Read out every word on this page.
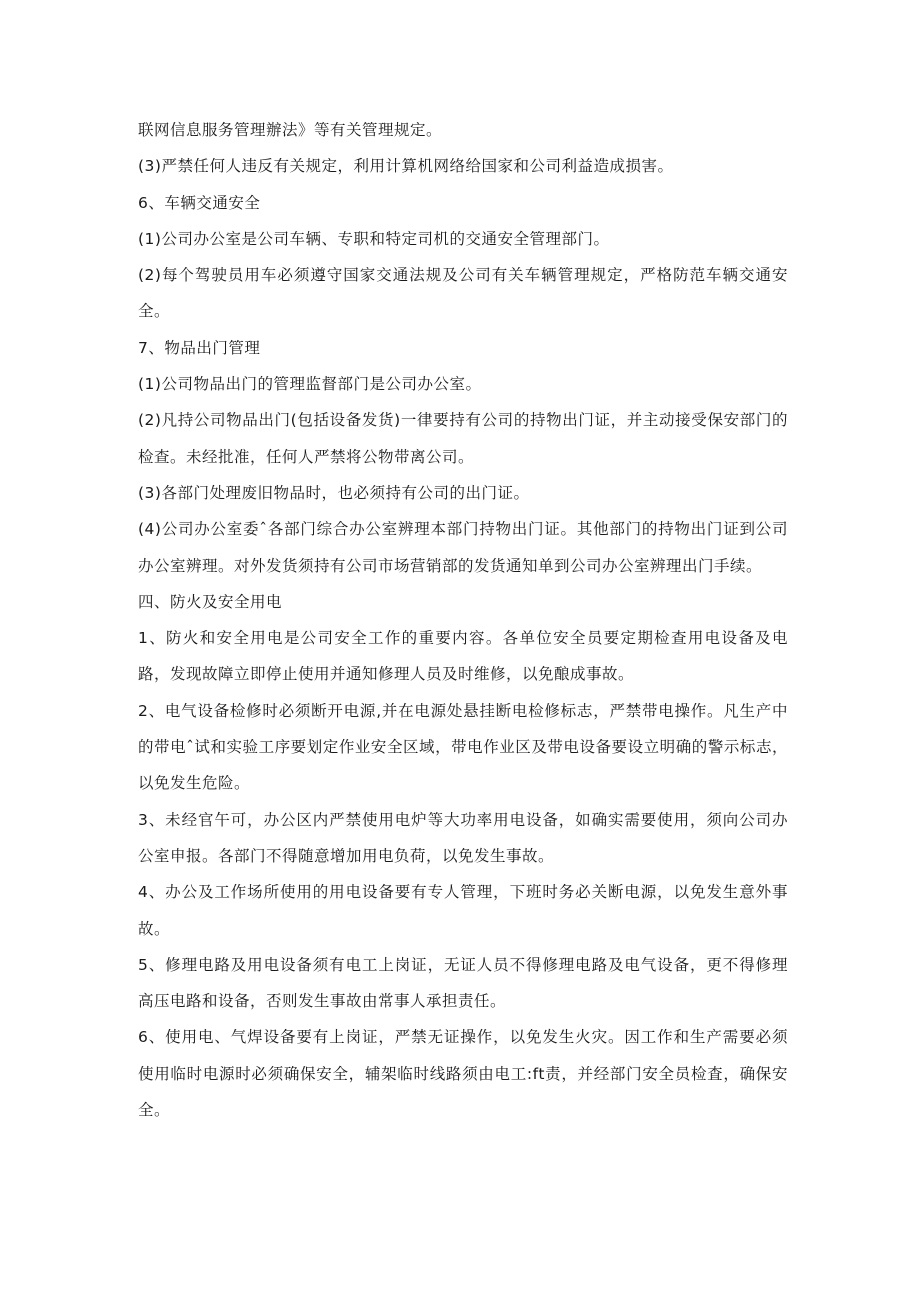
联网信息服务管理辦法》等有关管理规定。

(3)严禁任何人违反有关规定，利用计算机网络给国家和公司利益造成损害。

6、车辆交通安全

(1)公司办公室是公司车辆、专职和特定司机的交通安全管理部门。

(2)每个驾驶员用车必须遵守国家交通法规及公司有关车辆管理规定，严格防范车辆交通安全。

7、物品出门管理

(1)公司物品出门的管理监督部门是公司办公室。

(2)凡持公司物品出门(包括设备发货)一律要持有公司的持物出门证，并主动接受保安部门的检查。未经批准，任何人严禁将公物带离公司。

(3)各部门处理废旧物品时，也必须持有公司的出门证。

(4)公司办公室委ˆ各部门综合办公室辨理本部门持物出门证。其他部门的持物出门证到公司办公室辨理。对外发货须持有公司市场营销部的发货通知单到公司办公室辨理出门手续。

四、防火及安全用电

1、防火和安全用电是公司安全工作的重要内容。各单位安全员要定期检查用电设备及电路，发现故障立即停止使用并通知修理人员及时维修，以免酿成事故。

2、电气设备检修时必须断开电源,并在电源处悬挂断电检修标志，严禁带电操作。凡生产中的带电ˆ试和实验工序要划定作业安全区域，带电作业区及带电设备要设立明确的警示标志，以免发生危险。

3、未经官午可，办公区内严禁使用电炉等大功率用电设备，如确实需要使用，须向公司办公室申报。各部门不得随意增加用电负荷，以免发生事故。

4、办公及工作场所使用的用电设备要有专人管理，下班时务必关断电源，以免发生意外事故。

5、修理电路及用电设备须有电工上岗证，无证人员不得修理电路及电气设备，更不得修理高压电路和设备，否则发生事故由常事人承担责任。

6、使用电、气焊设备要有上岗证，严禁无证操作，以免发生火灾。因工作和生产需要必须使用临时电源时必须确保安全，辅架临时线路须由电工:ft责，并经部门安全员检査，确保安全。
